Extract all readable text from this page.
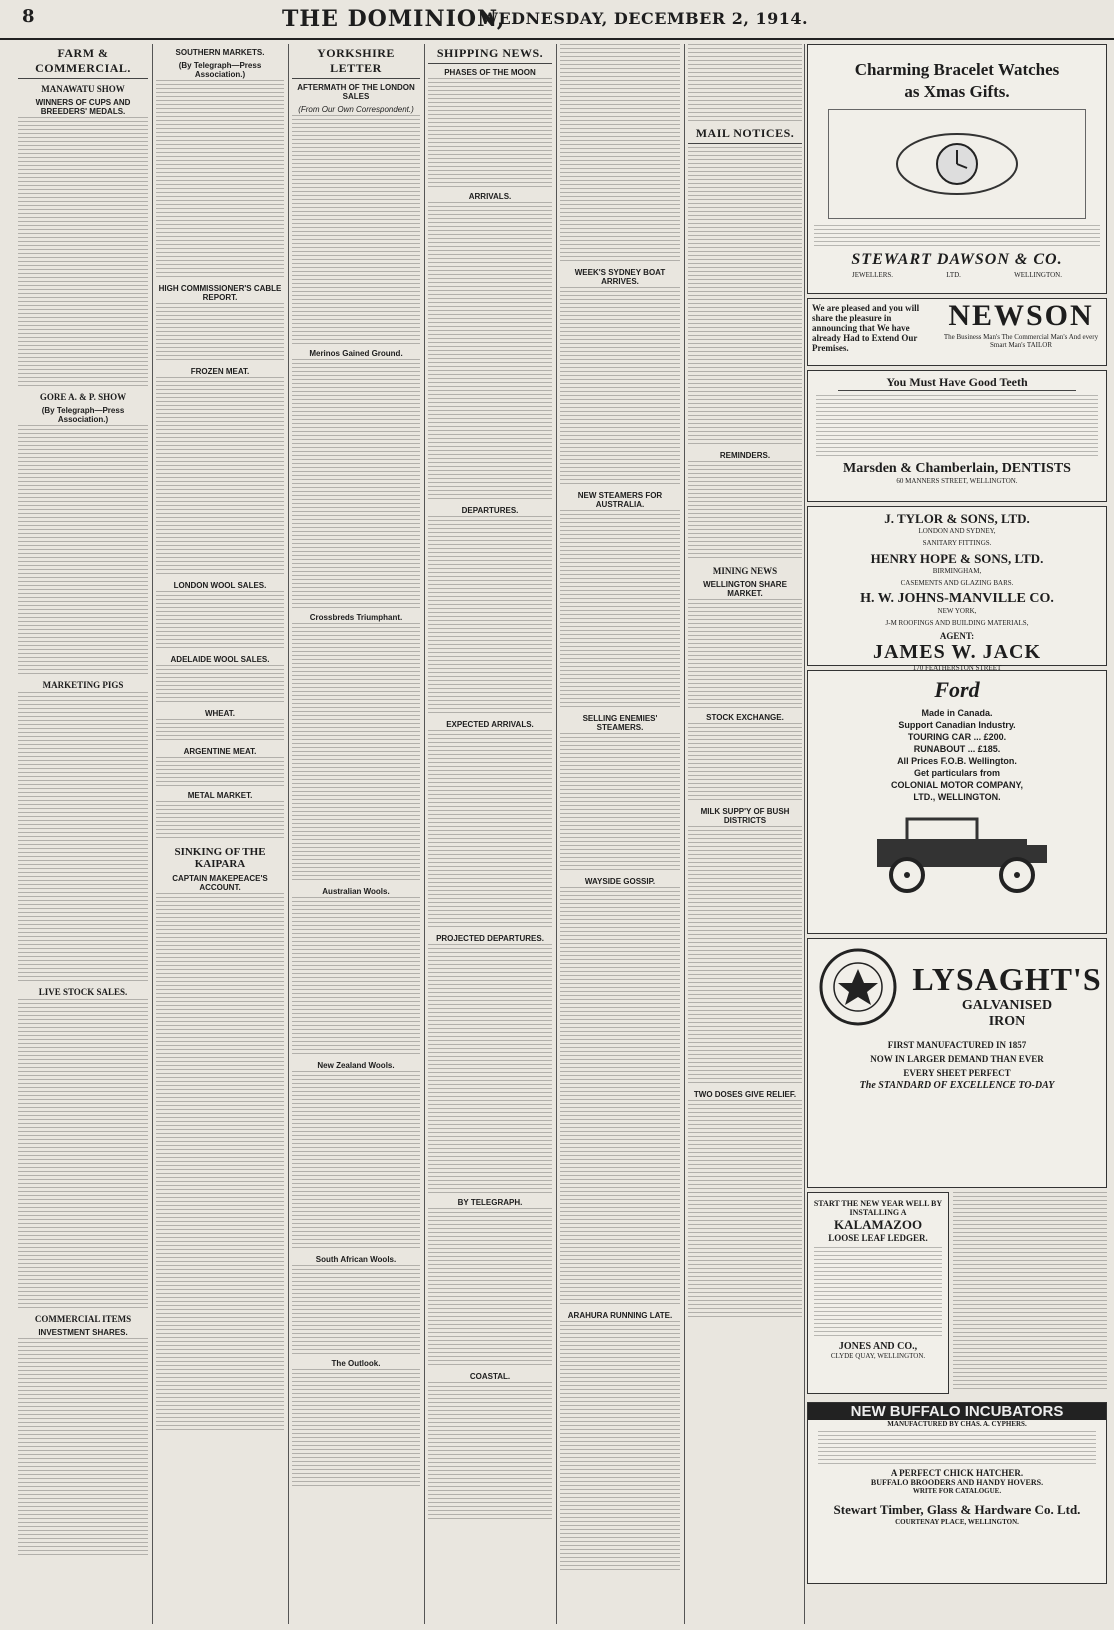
8	THE DOMINION,
WEDNESDAY, DECEMBER 2, 1914.
FARM & COMMERCIAL.
MANAWATU SHOW
WINNERS OF CUPS AND BREEDERS' MEDALS.
GORE A. & P. SHOW
(By Telegraph—Press Association.)
MARKETING PIGS
LIVE STOCK SALES.
COMMERCIAL ITEMS
INVESTMENT SHARES.
SOUTHERN MARKETS.
(By Telegraph—Press Association.)
HIGH COMMISSIONER'S CABLE REPORT.
FROZEN MEAT.
LONDON WOOL SALES.
ADELAIDE WOOL SALES.
WHEAT.
ARGENTINE MEAT.
METAL MARKET.
SINKING OF THE KAIPARA
CAPTAIN MAKEPEACE'S ACCOUNT.
YORKSHIRE LETTER
AFTERMATH OF THE LONDON SALES
(From Our Own Correspondent.)
Merinos Gained Ground.
Crossbreds Triumphant.
Australian Wools.
New Zealand Wools.
South African Wools.
The Outlook.
SHIPPING NEWS.
PHASES OF THE MOON
ARRIVALS.
DEPARTURES.
EXPECTED ARRIVALS.
PROJECTED DEPARTURES.
BY TELEGRAPH.
COASTAL.
WEEK'S SYDNEY BOAT ARRIVES.
NEW STEAMERS FOR AUSTRALIA.
SELLING ENEMIES' STEAMERS.
WAYSIDE GOSSIP.
ARAHURA RUNNING LATE.
MAIL NOTICES.
REMINDERS.
MINING NEWS
WELLINGTON SHARE MARKET.
STOCK EXCHANGE.
MILK SUPP'Y OF BUSH DISTRICTS
TWO DOSES GIVE RELIEF.
Charming Bracelet Watches
as Xmas Gifts.
STEWART DAWSON & CO.
JEWELLERS.	LTD.	WELLINGTON.
We are pleased and you will share the pleasure in announcing that We have already Had to Extend Our Premises.
NEWSON
The Business Man's The Commercial Man's And every Smart Man's TAILOR
You Must Have Good Teeth
Marsden & Chamberlain, DENTISTS
60 MANNERS STREET, WELLINGTON.
J. TYLOR & SONS, LTD.
LONDON AND SYDNEY,
SANITARY FITTINGS.
HENRY HOPE & SONS, LTD.
BIRMINGHAM,
CASEMENTS AND GLAZING BARS.
H. W. JOHNS-MANVILLE CO.
NEW YORK,
J-M ROOFINGS AND BUILDING MATERIALS,
AGENT:
JAMES W. JACK
170 FEATHERSTON STREET
Ford
Made in Canada.
Support Canadian Industry.
TOURING CAR ... £200.
RUNABOUT ... £185.
All Prices F.O.B. Wellington.
Get particulars from
COLONIAL MOTOR COMPANY,
LTD., WELLINGTON.
LYSAGHT'S
GALVANISED
IRON
FIRST MANUFACTURED IN 1857
NOW IN LARGER DEMAND THAN EVER
EVERY SHEET PERFECT
The STANDARD OF EXCELLENCE TO-DAY
START THE NEW YEAR WELL BY INSTALLING A
KALAMAZOO
LOOSE LEAF LEDGER.
JONES AND CO.,
CLYDE QUAY, WELLINGTON.
NEW BUFFALO INCUBATORS
MANUFACTURED BY CHAS. A. CYPHERS.
A PERFECT CHICK HATCHER.
BUFFALO BROODERS AND HANDY HOVERS.
WRITE FOR CATALOGUE.
Stewart Timber, Glass & Hardware Co. Ltd.
COURTENAY PLACE, WELLINGTON.
